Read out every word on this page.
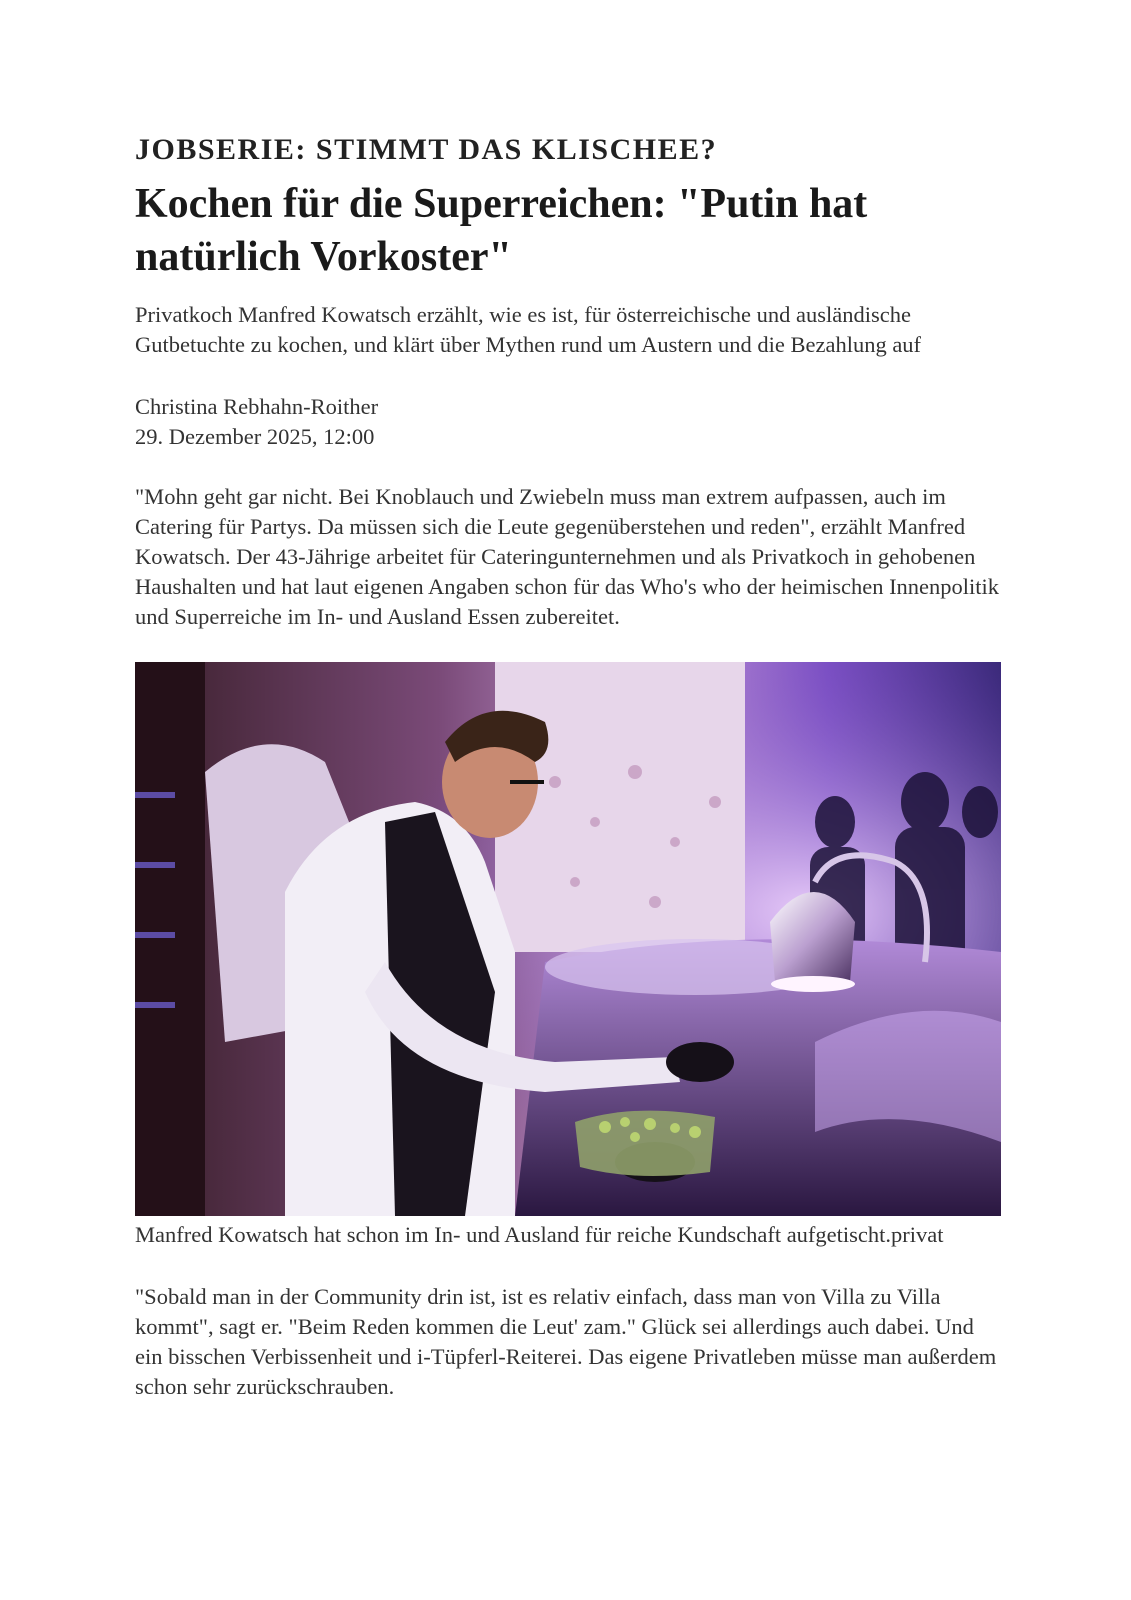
JOBSERIE: STIMMT DAS KLISCHEE?
Kochen für die Superreichen: "Putin hat
natürlich Vorkoster"

Privatkoch Manfred Kowatsch erzählt, wie es ist, für österreichische und ausländische Gutbetuchte zu kochen, und klärt über Mythen rund um Austern und die Bezahlung auf

Christina Rebhahn-Roither
29. Dezember 2025, 12:00

"Mohn geht gar nicht. Bei Knoblauch und Zwiebeln muss man extrem aufpassen, auch im Catering für Partys. Da müssen sich die Leute gegenüberstehen und reden", erzählt Manfred Kowatsch. Der 43-Jährige arbeitet für Cateringunternehmen und als Privatkoch in gehobenen Haushalten und hat laut eigenen Angaben schon für das Who's who der heimischen Innenpolitik und Superreiche im In- und Ausland Essen zubereitet.

Manfred Kowatsch hat schon im In- und Ausland für reiche Kundschaft aufgetischt.privat

"Sobald man in der Community drin ist, ist es relativ einfach, dass man von Villa zu Villa kommt", sagt er. "Beim Reden kommen die Leut' zam." Glück sei allerdings auch dabei. Und ein bisschen Verbissenheit und i-Tüpferl-Reiterei. Das eigene Privatleben müsse man außerdem schon sehr zurückschrauben.
